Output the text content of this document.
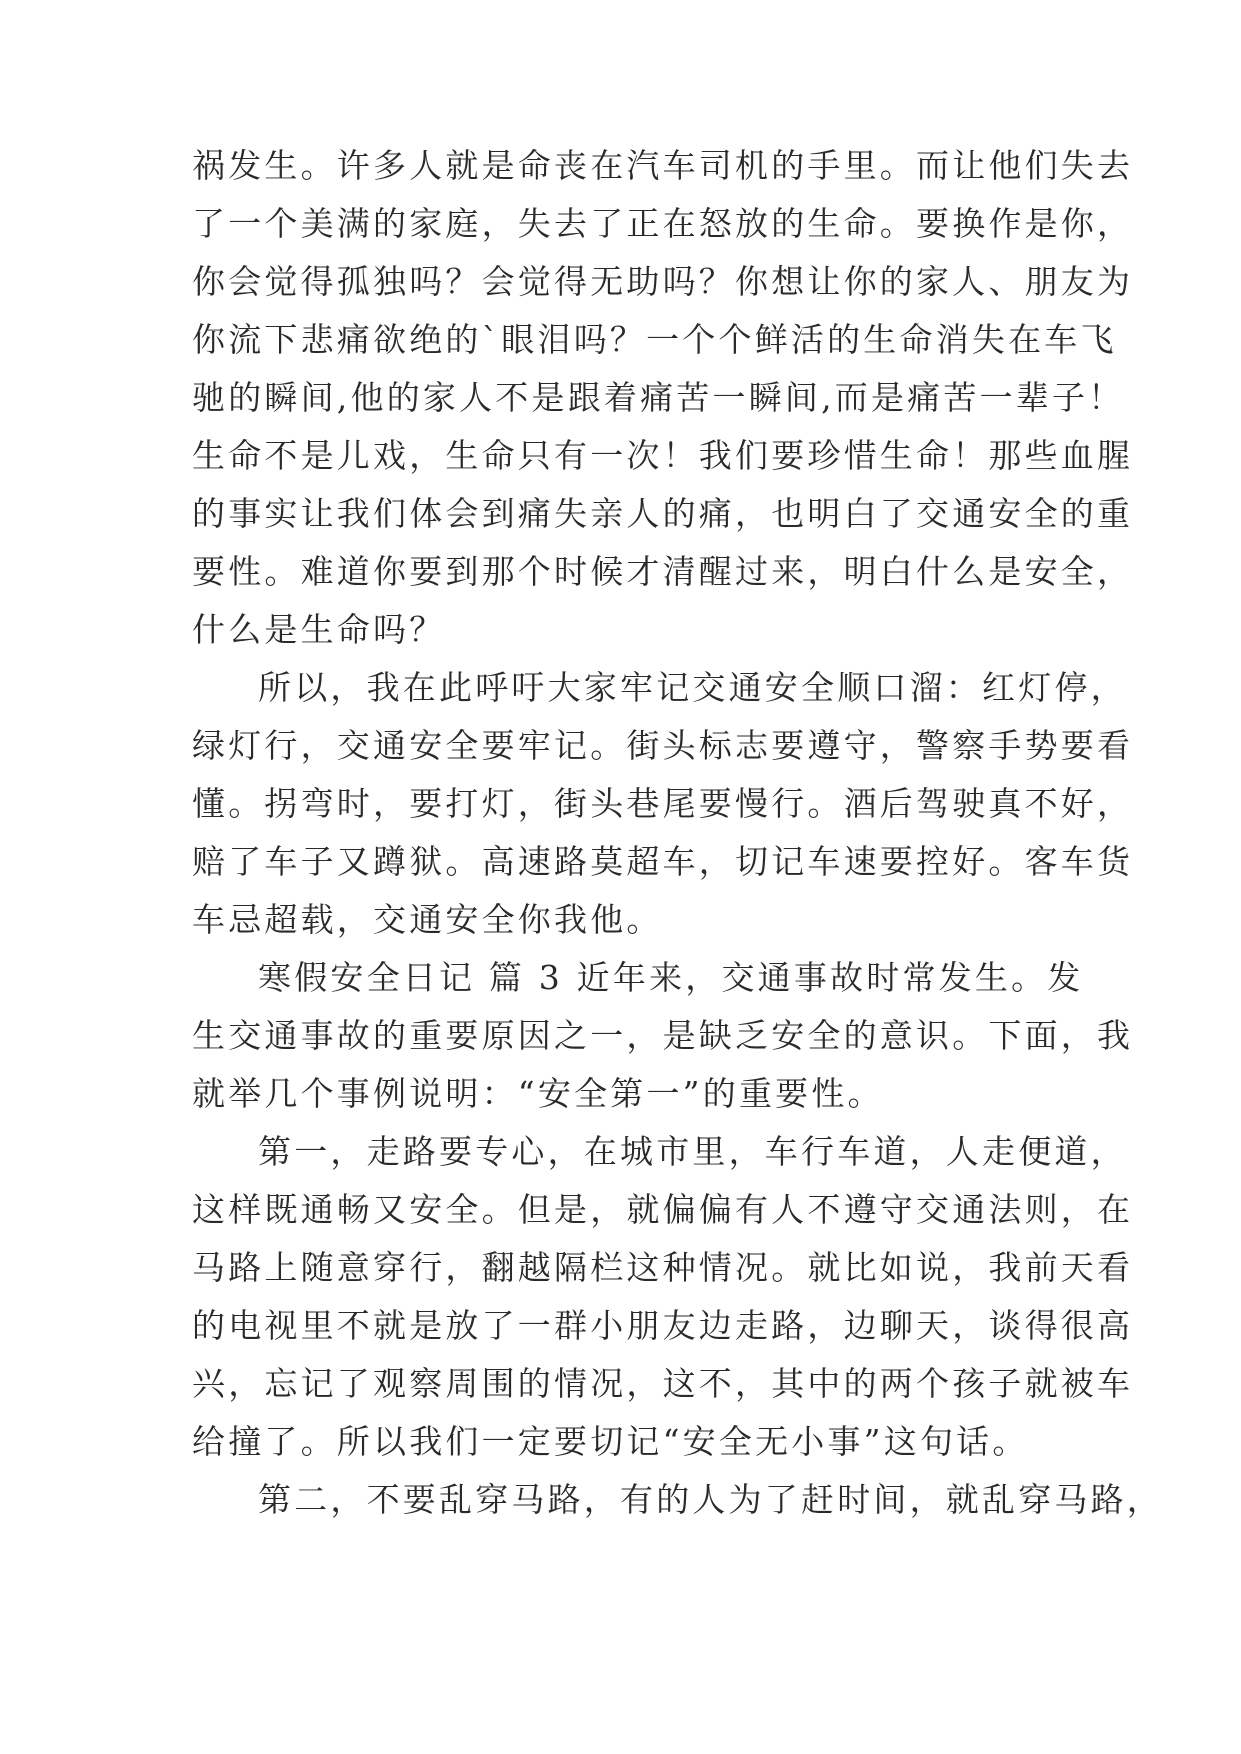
祸发生。许多人就是命丧在汽车司机的手里。而让他们失去
了一个美满的家庭，失去了正在怒放的生命。要换作是你，
你会觉得孤独吗？会觉得无助吗？你想让你的家人、朋友为
你流下悲痛欲绝的`眼泪吗？一个个鲜活的生命消失在车飞
驰的瞬间,他的家人不是跟着痛苦一瞬间,而是痛苦一辈子！
生命不是儿戏，生命只有一次！我们要珍惜生命！那些血腥
的事实让我们体会到痛失亲人的痛，也明白了交通安全的重
要性。难道你要到那个时候才清醒过来，明白什么是安全，
什么是生命吗？
所以，我在此呼吁大家牢记交通安全顺口溜：红灯停，
绿灯行，交通安全要牢记。街头标志要遵守，警察手势要看
懂。拐弯时，要打灯，街头巷尾要慢行。酒后驾驶真不好，
赔了车子又蹲狱。高速路莫超车，切记车速要控好。客车货
车忌超载，交通安全你我他。
寒假安全日记 篇 3 近年来，交通事故时常发生。发
生交通事故的重要原因之一，是缺乏安全的意识。下面，我
就举几个事例说明：“安全第一”的重要性。
第一，走路要专心，在城市里，车行车道，人走便道，
这样既通畅又安全。但是，就偏偏有人不遵守交通法则，在
马路上随意穿行，翻越隔栏这种情况。就比如说，我前天看
的电视里不就是放了一群小朋友边走路，边聊天，谈得很高
兴，忘记了观察周围的情况，这不，其中的两个孩子就被车
给撞了。所以我们一定要切记“安全无小事”这句话。
第二，不要乱穿马路，有的人为了赶时间，就乱穿马路，
